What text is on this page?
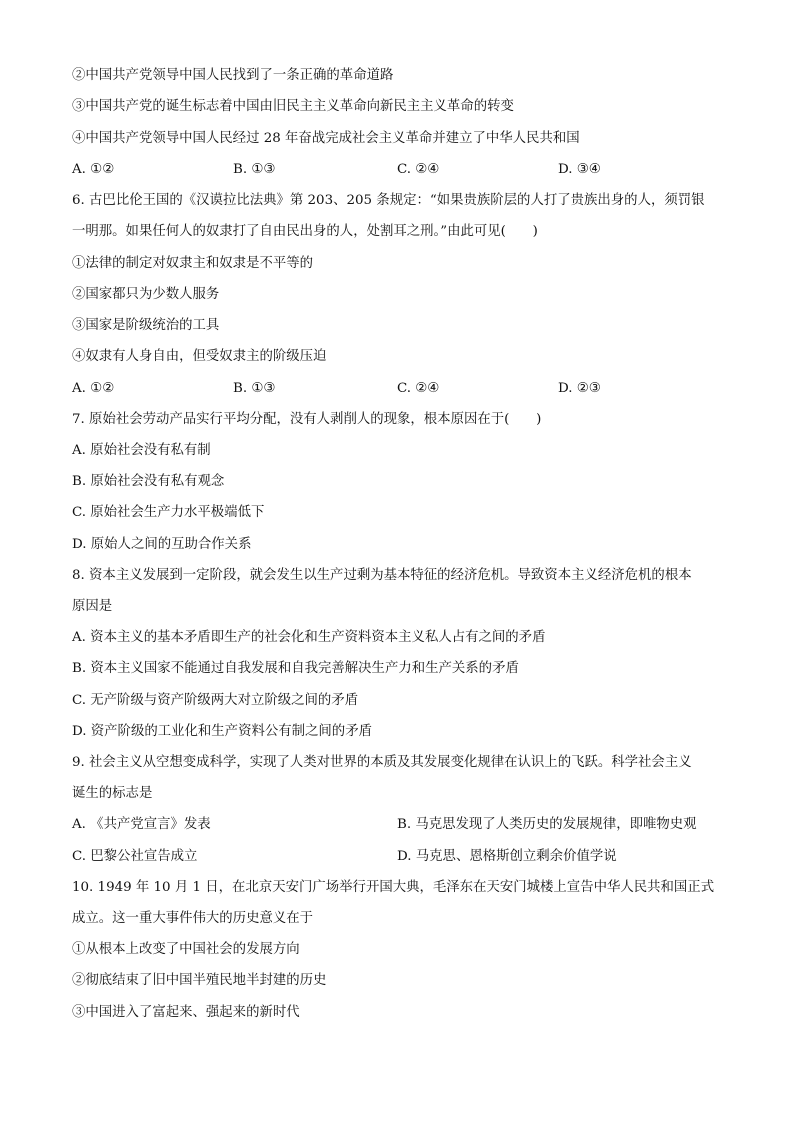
②中国共产党领导中国人民找到了一条正确的革命道路
③中国共产党的诞生标志着中国由旧民主主义革命向新民主主义革命的转变
④中国共产党领导中国人民经过 28 年奋战完成社会主义革命并建立了中华人民共和国
A. ①②	B. ①③	C. ②④	D. ③④
6. 古巴比伦王国的《汉谟拉比法典》第 203、205 条规定：“如果贵族阶层的人打了贵族出身的人，须罚银
一明那。如果任何人的奴隶打了自由民出身的人，处割耳之刑。”由此可见(　　)
①法律的制定对奴隶主和奴隶是不平等的
②国家都只为少数人服务
③国家是阶级统治的工具
④奴隶有人身自由，但受奴隶主的阶级压迫
A. ①②	B. ①③	C. ②④	D. ②③
7. 原始社会劳动产品实行平均分配，没有人剥削人的现象，根本原因在于(　　)
A. 原始社会没有私有制
B. 原始社会没有私有观念
C. 原始社会生产力水平极端低下
D. 原始人之间的互助合作关系
8. 资本主义发展到一定阶段，就会发生以生产过剩为基本特征的经济危机。导致资本主义经济危机的根本
原因是
A. 资本主义的基本矛盾即生产的社会化和生产资料资本主义私人占有之间的矛盾
B. 资本主义国家不能通过自我发展和自我完善解决生产力和生产关系的矛盾
C. 无产阶级与资产阶级两大对立阶级之间的矛盾
D. 资产阶级的工业化和生产资料公有制之间的矛盾
9. 社会主义从空想变成科学，实现了人类对世界的本质及其发展变化规律在认识上的飞跃。科学社会主义
诞生的标志是
A. 《共产党宣言》发表	B. 马克思发现了人类历史的发展规律，即唯物史观
C. 巴黎公社宣告成立	D. 马克思、恩格斯创立剩余价值学说
10. 1949 年 10 月 1 日，在北京天安门广场举行开国大典，毛泽东在天安门城楼上宣告中华人民共和国正式
成立。这一重大事件伟大的历史意义在于
①从根本上改变了中国社会的发展方向
②彻底结束了旧中国半殖民地半封建的历史
③中国进入了富起来、强起来的新时代
